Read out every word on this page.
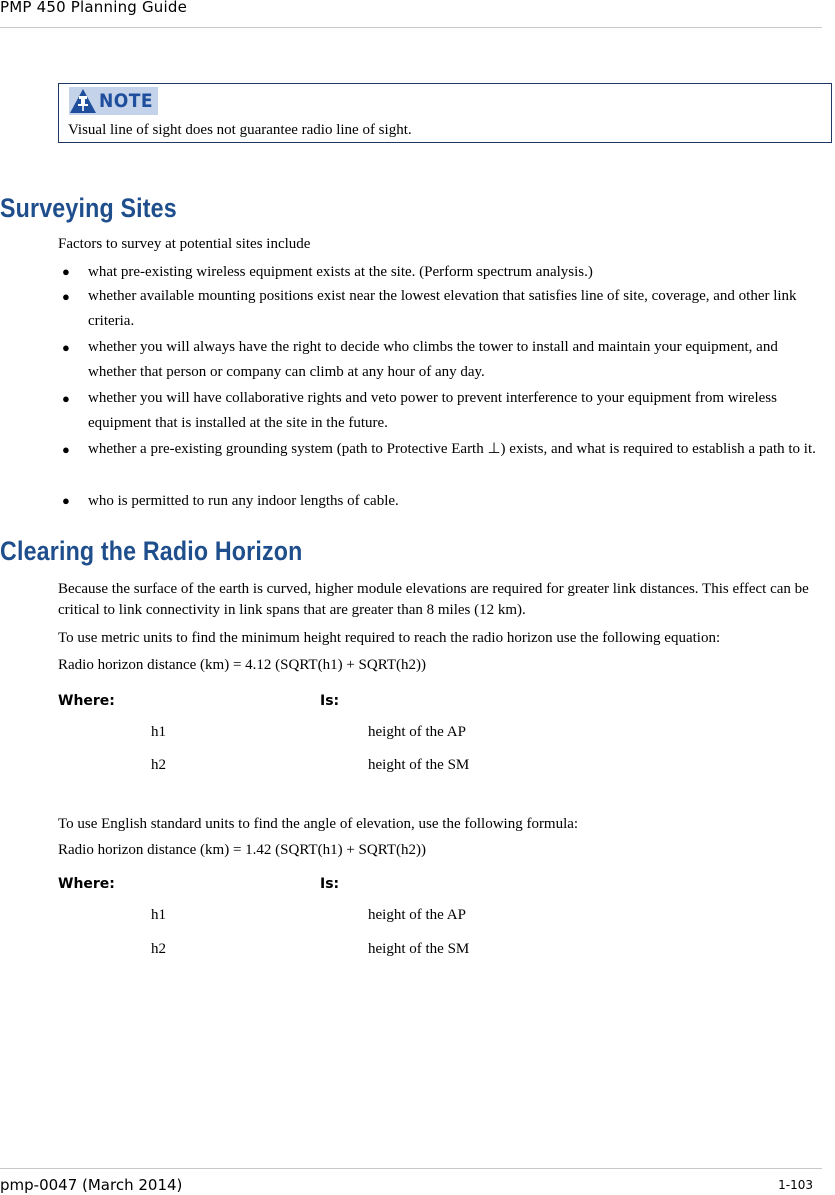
PMP 450 Planning Guide
NOTE
Visual line of sight does not guarantee radio line of sight.
Surveying Sites
Factors to survey at potential sites include
● what pre-existing wireless equipment exists at the site. (Perform spectrum analysis.)
● whether available mounting positions exist near the lowest elevation that satisfies line of site, coverage, and other link criteria.
● whether you will always have the right to decide who climbs the tower to install and maintain your equipment, and whether that person or company can climb at any hour of any day.
● whether you will have collaborative rights and veto power to prevent interference to your equipment from wireless equipment that is installed at the site in the future.
● whether a pre-existing grounding system (path to Protective Earth ⊥) exists, and what is required to establish a path to it.
● who is permitted to run any indoor lengths of cable.
Clearing the Radio Horizon
Because the surface of the earth is curved, higher module elevations are required for greater link distances. This effect can be critical to link connectivity in link spans that are greater than 8 miles (12 km).
To use metric units to find the minimum height required to reach the radio horizon use the following equation:
Radio horizon distance (km) = 4.12 (SQRT(h1) + SQRT(h2))
Where:	Is:
h1	height of the AP
h2	height of the SM
To use English standard units to find the angle of elevation, use the following formula:
Radio horizon distance (km) = 1.42 (SQRT(h1) + SQRT(h2))
Where:	Is:
h1	height of the AP
h2	height of the SM
pmp-0047 (March 2014)	1-103
